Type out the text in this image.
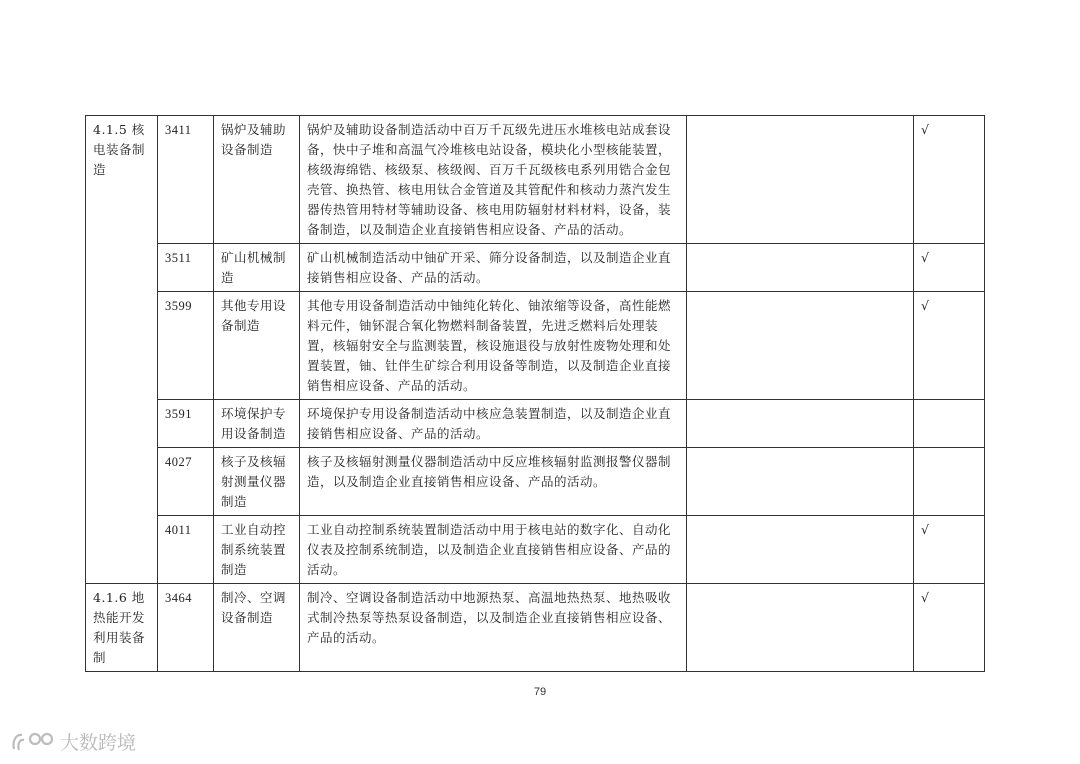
4.1.5 核电装备制造	3411	锅炉及辅助设备制造	锅炉及辅助设备制造活动中百万千瓦级先进压水堆核电站成套设备，快中子堆和高温气冷堆核电站设备，模块化小型核能装置，核级海绵锆、核级泵、核级阀、百万千瓦级核电系列用锆合金包壳管、换热管、核电用钛合金管道及其管配件和核动力蒸汽发生器传热管用特材等辅助设备、核电用防辐射材料材料，设备，装备制造，以及制造企业直接销售相应设备、产品的活动。		√
	3511	矿山机械制造	矿山机械制造活动中铀矿开采、筛分设备制造，以及制造企业直接销售相应设备、产品的活动。		√
	3599	其他专用设备制造	其他专用设备制造活动中铀纯化转化、铀浓缩等设备，高性能燃料元件，铀钚混合氧化物燃料制备装置，先进乏燃料后处理装置，核辐射安全与监测装置，核设施退役与放射性废物处理和处置装置，铀、钍伴生矿综合利用设备等制造，以及制造企业直接销售相应设备、产品的活动。		√
	3591	环境保护专用设备制造	环境保护专用设备制造活动中核应急装置制造，以及制造企业直接销售相应设备、产品的活动。		
	4027	核子及核辐射测量仪器制造	核子及核辐射测量仪器制造活动中反应堆核辐射监测报警仪器制造，以及制造企业直接销售相应设备、产品的活动。		
	4011	工业自动控制系统装置制造	工业自动控制系统装置制造活动中用于核电站的数字化、自动化仪表及控制系统制造，以及制造企业直接销售相应设备、产品的活动。		√
4.1.6 地热能开发利用装备制	3464	制冷、空调设备制造	制冷、空调设备制造活动中地源热泵、高温地热热泵、地热吸收式制冷热泵等热泵设备制造，以及制造企业直接销售相应设备、产品的活动。		√
79
大数跨境
